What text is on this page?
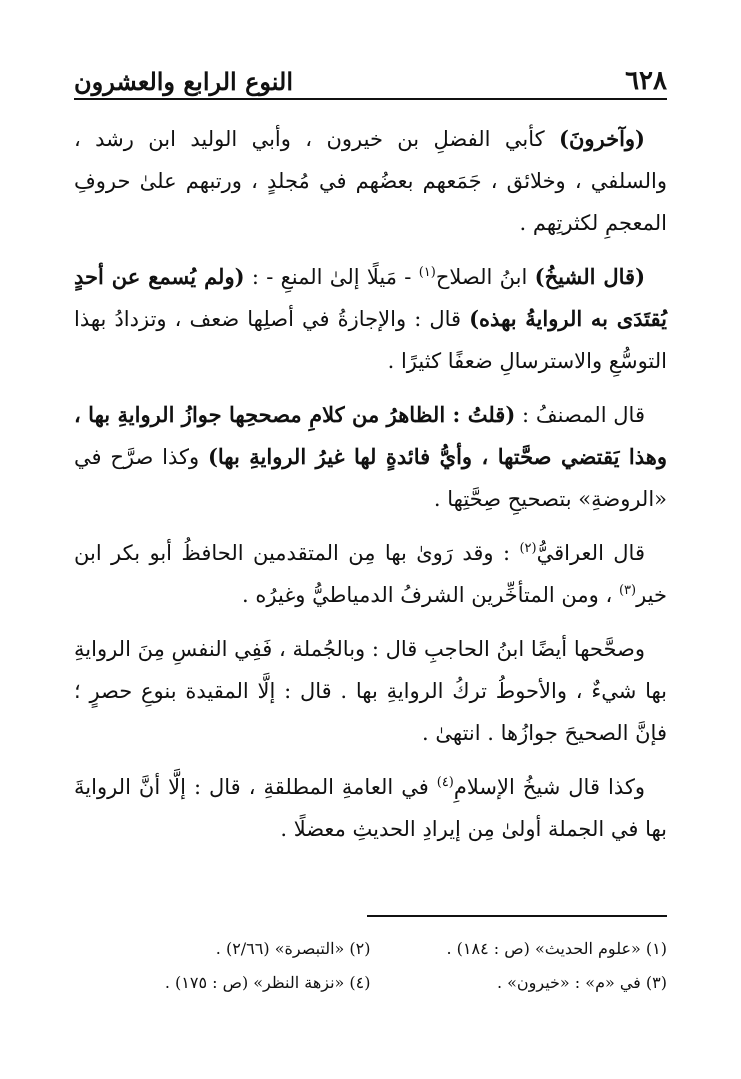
٦٢٨
النوع الرابع والعشرون

(وآخرونَ) كأبي الفضلِ بن خيرون ، وأبي الوليد ابن رشد ، والسلفي ، وخلائق ، جَمَعهم بعضُهم في مُجلدٍ ، ورتبهم علىٰ حروفِ المعجمِ لكثرتِهم .

(قال الشيخُ) ابنُ الصلاح$^{(١)}$ - مَيلًا إلىٰ المنعِ - : (ولم يُسمع عن أحدٍ يُقتَدَى به الروايةُ بهذه) قال : والإجازةُ في أصلِها ضعف ، وتزدادُ بهذا التوسُّعِ والاسترسالِ ضعفًا كثيرًا .

قال المصنفُ : (قلتُ : الظاهرُ من كلامِ مصححِها جوازُ الروايةِ بها ، وهذا يَقتضي صحَّتها ، وأيُّ فائدةٍ لها غيرُ الروايةِ بها) وكذا صرَّح في «الروضةِ» بتصحيحِ صِحَّتِها .

قال العراقيُّ$^{(٢)}$ : وقد رَوىٰ بها مِن المتقدمين الحافظُ أبو بكر ابن خير$^{(٣)}$ ، ومن المتأخِّرين الشرفُ الدمياطيُّ وغيرُه .

وصحَّحها أيضًا ابنُ الحاجبِ قال : وبالجُملة ، فَفِي النفسِ مِنَ الروايةِ بها شيءٌ ، والأحوطُ تركُ الروايةِ بها . قال : إلَّا المقيدة بنوعِ حصرٍ ؛ فإنَّ الصحيحَ جوازُها . انتهىٰ .

وكذا قال شيخُ الإسلامِ$^{(٤)}$ في العامةِ المطلقةِ ، قال : إلَّا أنَّ الروايةَ بها في الجملة أولىٰ مِن إيرادِ الحديثِ معضلًا .

(١) «علوم الحديث» (ص : ١٨٤) .
(٢) «التبصرة» (٢/٦٦) .
(٣) في «م» : «خيرون» .
(٤) «نزهة النظر» (ص : ١٧٥) .
